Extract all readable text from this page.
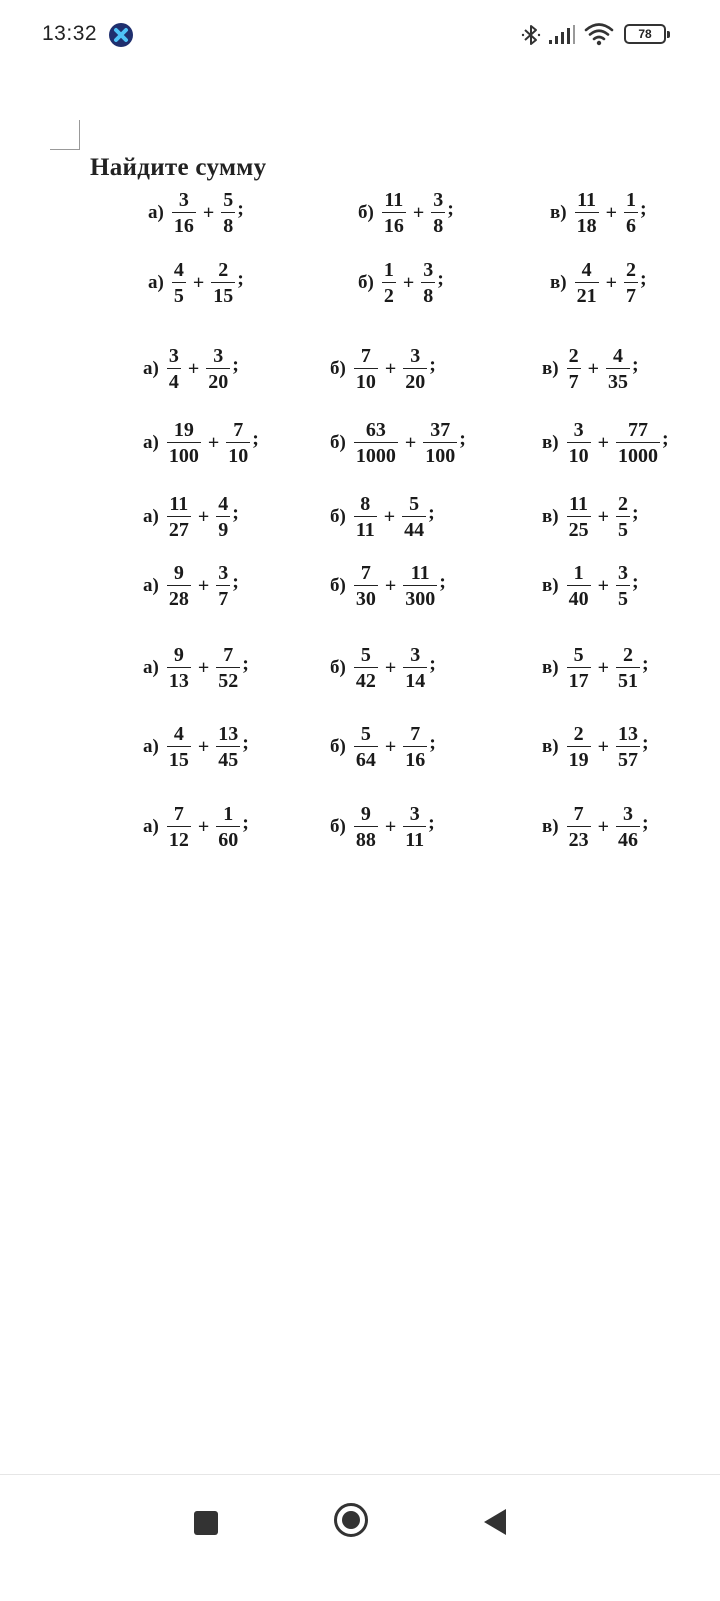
13:32	78
Найдите сумму
$а) \frac{3}{16} + \frac{5}{8}$ ;	$б) \frac{11}{16} + \frac{3}{8}$ ;	$в) \frac{11}{18} + \frac{1}{6}$ ;
$а) \frac{4}{5} + \frac{2}{15}$ ;	$б) \frac{1}{2} + \frac{3}{8}$ ;	$в) \frac{4}{21} + \frac{2}{7}$ ;
$а) \frac{3}{4} + \frac{3}{20}$ ;	$б) \frac{7}{10} + \frac{3}{20}$ ;	$в) \frac{2}{7} + \frac{4}{35}$ ;
$а) \frac{19}{100} + \frac{7}{10}$ ;	$б) \frac{63}{1000} + \frac{37}{100}$ ;	$в) \frac{3}{10} + \frac{77}{1000}$ ;
$а) \frac{11}{27} + \frac{4}{9}$ ;	$б) \frac{8}{11} + \frac{5}{44}$ ;	$в) \frac{11}{25} + \frac{2}{5}$ ;
$а) \frac{9}{28} + \frac{3}{7}$ ;	$б) \frac{7}{30} + \frac{11}{300}$ ;	$в) \frac{1}{40} + \frac{3}{5}$ ;
$а) \frac{9}{13} + \frac{7}{52}$ ;	$б) \frac{5}{42} + \frac{3}{14}$ ;	$в) \frac{5}{17} + \frac{2}{51}$ ;
$а) \frac{4}{15} + \frac{13}{45}$ ;	$б) \frac{5}{64} + \frac{7}{16}$ ;	$в) \frac{2}{19} + \frac{13}{57}$ ;
$а) \frac{7}{12} + \frac{1}{60}$ ;	$б) \frac{9}{88} + \frac{3}{11}$ ;	$в) \frac{7}{23} + \frac{3}{46}$ ;
